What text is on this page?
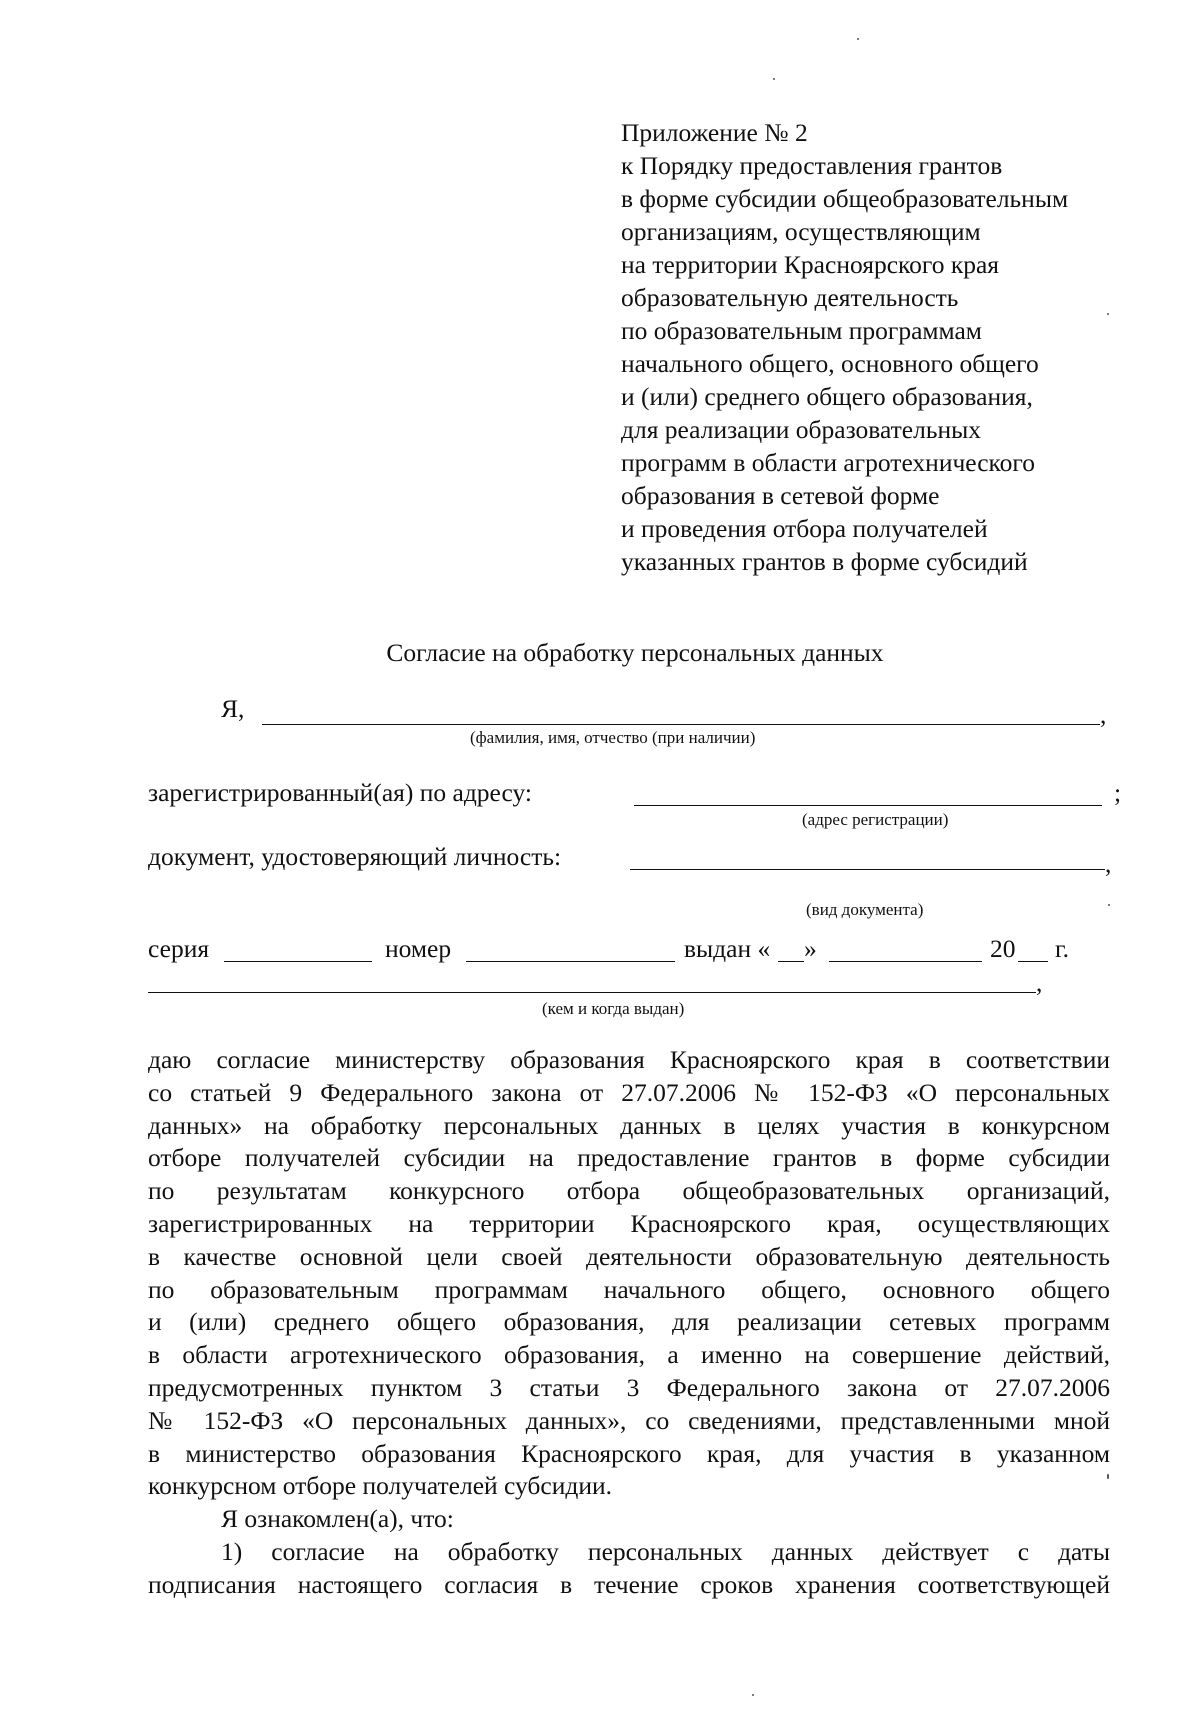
Приложение № 2
к Порядку предоставления грантов
в форме субсидии общеобразовательным
организациям, осуществляющим
на территории Красноярского края
образовательную деятельность
по образовательным программам
начального общего, основного общего
и (или) среднего общего образования,
для реализации образовательных
программ в области агротехнического
образования в сетевой форме
и проведения отбора получателей
указанных грантов в форме субсидий
Согласие на обработку персональных данных
Я,	,
(фамилия, имя, отчество (при наличии)
зарегистрированный(ая) по адресу:	;
(адрес регистрации)
документ, удостоверяющий личность:	,
(вид документа)
серия	номер	выдан « »	20 г.
,
(кем и когда выдан)
даю согласие министерству образования Красноярского края в соответствии
со статьей 9 Федерального закона от 27.07.2006 № 152-ФЗ «О персональных
данных» на обработку персональных данных в целях участия в конкурсном
отборе получателей субсидии на предоставление грантов в форме субсидии
по результатам конкурсного отбора общеобразовательных организаций,
зарегистрированных на территории Красноярского края, осуществляющих
в качестве основной цели своей деятельности образовательную деятельность
по образовательным программам начального общего, основного общего
и (или) среднего общего образования, для реализации сетевых программ
в области агротехнического образования, а именно на совершение действий,
предусмотренных пунктом 3 статьи 3 Федерального закона от 27.07.2006
№ 152-ФЗ «О персональных данных», со сведениями, представленными мной
в министерство образования Красноярского края, для участия в указанном
конкурсном отборе получателей субсидии.
Я ознакомлен(а), что:
1) согласие на обработку персональных данных действует с даты
подписания настоящего согласия в течение сроков хранения соответствующей
